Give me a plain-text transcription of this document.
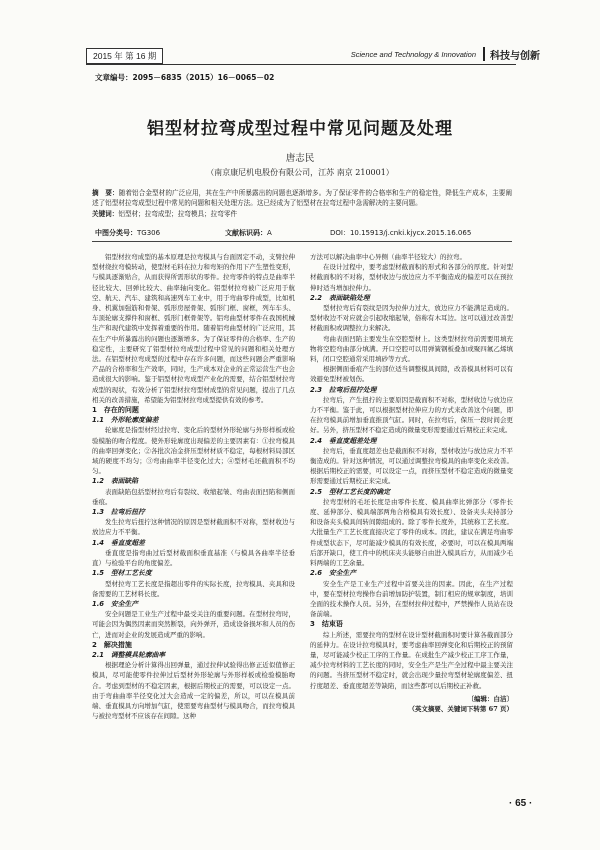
2015 年 第 16 期	Science and Technology & Innovation 科技与创新
文章编号：2095－6835（2015）16－0065－02
铝型材拉弯成型过程中常见问题及处理
唐志民
（南京康尼机电股份有限公司，江苏 南京 210001）
摘　要：随着铝合金型材的广泛应用，其在生产中所暴露出的问题也逐渐增多。为了保证零件的合格率和生产的稳定性，降低生产成本，主要阐述了铝型材拉弯成型过程中常见的问题和相关处理方法。这已经成为了铝型材在拉弯过程中急需解决的主要问题。
关键词：铝型材；拉弯成型；拉弯模具；拉弯零件
中图分类号：TG306	文献标识码：A	DOI：10.15913/j.cnki.kjycx.2015.16.065

铝型材拉弯成型的基本原理是拉弯模具与台面固定不动，支臂拉伸型材绕拉弯模转动，使型材毛料在拉力和弯矩的作用下产生塑性变形，与模具逐渐贴合，从而获得所需形状的零件。拉弯零件的特点是曲率半径比较大、回弹比较大、曲率轴向变化。铝型材拉弯被广泛应用于航空、航天、汽车、建筑和高速列车工业中，用于弯曲零件成型，比如机身、机翼加强筋和骨架、弧形房屋骨架、弧形门框、窗框，列车车头、车顶轮廓支撑件和窗框、弧形门框骨架等。铝弯曲型材零件在我国机械生产和现代建筑中发挥着重要的作用。随着铝弯曲型材的广泛应用，其在生产中所暴露出的问题也逐渐增多。为了保证零件的合格率、生产的稳定性，主要研究了铝型材拉弯成型过程中常见的问题和相关处理方法。在铝型材拉弯成型的过程中存在许多问题，而这些问题会严重影响产品的合格率和生产效率，同时，生产成本对企业的正常运营生产也会造成很大的影响。鉴于铝型材拉弯成型产业化的需要，结合铝型材拉弯成型的现状，有效分析了铝型材拉弯型材成型的常见问题，提出了几点相关的改善措施，希望能为铝型材拉弯成型提供有效的参考。

1　存在的问题

1.1　外形轮廓度偏差

轮廓度是指型材经过拉弯、变化后的型材外形轮廓与外形样板或检验模胎的吻合程度。使外形轮廓度出现偏差的主要因素有：①拉弯模具的曲率回弹变化；②各批次冶金挤压型材材质不稳定，每根材料局部区域的硬度不均匀；③弯曲曲率半径变化过大；④型材毛坯截面积不均匀。

1.2　表面缺陷

表面缺陷包括型材拉弯后有裂纹、收缩起皱、弯曲表面凹陷和侧面垂痕。

1.3　拉弯后扭拧

发生拉弯后扭拧这种情况的原因是型材截面积不对称，型材收边与放边应力不平衡。

1.4　垂直度超差

垂直度是指弯曲过后型材截面积垂直基准（与模具各曲率半径垂直）与检验平台的角度偏差。

1.5　型材工艺长度

型材拉弯工艺长度是指超出零件的实际长度，拉弯模具、夹具和设备需要的工艺材料长度。

1.6　安全生产

安全问题是工业生产过程中最受关注的重要问题。在型材拉弯时，可能会因为偶然因素而突然断裂，向外弹开，造成设备损坏和人员的伤亡，进而对企业的发展造成严重的影响。

2　解决措施

2.1　调整模具轮廓曲率

根据理论分析计算得出回弹量，通过拉伸试验得出修正近似值修正模具，尽可能使零件拉伸过后型材外形轮廓与外形样板或检验模胎吻合。考虑到型材的不稳定因素，根据后期校正的需要，可以设定一点。由于弯曲曲率半径变化过大会造成一定的偏差，所以，可以在模具前端、垂直模具方向增加气缸，使需要弯曲型材与模具吻合，而拉弯模具与被拉弯型材不应该存在间隙。这种

方法可以解决曲率中心异侧（曲率半径较大）的拉弯。

在设计过程中，要考虑型材截面积的形式和各部分的厚度。针对型材截面积的不对称，型材收边与放边应力不平衡造成的偏差可以在预拉伸时适当增加拉伸力。

2.2　表面缺陷处理

型材拉弯后有裂纹是因为拉伸力过大，放边应力不能满足造成的。型材收边不对应就会引起收缩起皱，俗称有木耳边。这可以通过改善型材截面积或调整拉力来解决。

弯曲表面凹陷主要发生在空腔型材上。这类型材拉弯前需要用填充物将空腔弯曲部分填满。开口空腔可以用弹簧钢板叠加或聚四氟乙烯填料，闭口空腔通常采用填砂等方式。

根据侧面垂痕产生的部位适当调整模具间隙，改善模具材料可以有效避免型材被划伤。

2.3　拉弯后扭拧处理

拉弯后，产生扭拧的主要原因是截面积不对称，型材收边与放边应力不平衡。鉴于此，可以根据型材拉伸应力的方式来改善这个问题，即在拉弯模具前增加垂直推顶气缸。同时，在拉弯后，保压一段时间会更好。另外，挤压型材不稳定造成的微量变形需要通过后期校正来完成。

2.4　垂直度超差处理

拉弯后，垂直度超差也是截面积不对称，型材收边与放边应力不平衡造成的。针对这种情况，可以通过调整拉弯模具的曲率变化来改善。根据后期校正的需要，可以设定一点，而挤压型材不稳定造成的微量变形需要通过后期校正来完成。

2.5　型材工艺长度的确定

拉弯型材的毛坯长度是由零件长度、模具曲率比弹部分（零件长度、延伸部分、模具端部两角合格模具有效长度）、设备夹头夹持部分和设备夹头模具间转间隙组成的。除了零件长度外，其统称工艺长度。大批量生产工艺长度直接决定了零件的成本。因此，建议在满足弯曲零件成型状态下，尽可能减少模具的有效长度，必要时，可以在模具两端后部开缺口，使工件中的机床夹头能够自由进入模具后方，从而减少毛料两端的工艺余量。

2.6　安全生产

安全生产是工业生产过程中首要关注的因素。因此，在生产过程中，要在型材拉弯操作台前增加防护装置，制订相应的规章制度，培训全面的技术操作人员。另外，在型材拉伸过程中，严禁操作人员站在设备前端。

3　结束语

综上所述，需要拉弯的型材在设计型材截面积时要计算各截面部分的延伸力。在设计拉弯模具时，要考虑曲率回弹变化和后期校正的预留量，尽可能减少校正工序的工作量。在成批生产减少校正工序工作量，减少拉弯材料的工艺长度的同时，安全生产是生产全过程中最主要关注的问题。当挤压型材不稳定时，就会出现少量拉弯型材轮廓度偏差、扭拧度超差、垂直度超差等缺陷，而这些都可以后期校正补救。

〔编辑：白洁〕

（英文摘要、关键词下转第 67 页）

· 65 ·
